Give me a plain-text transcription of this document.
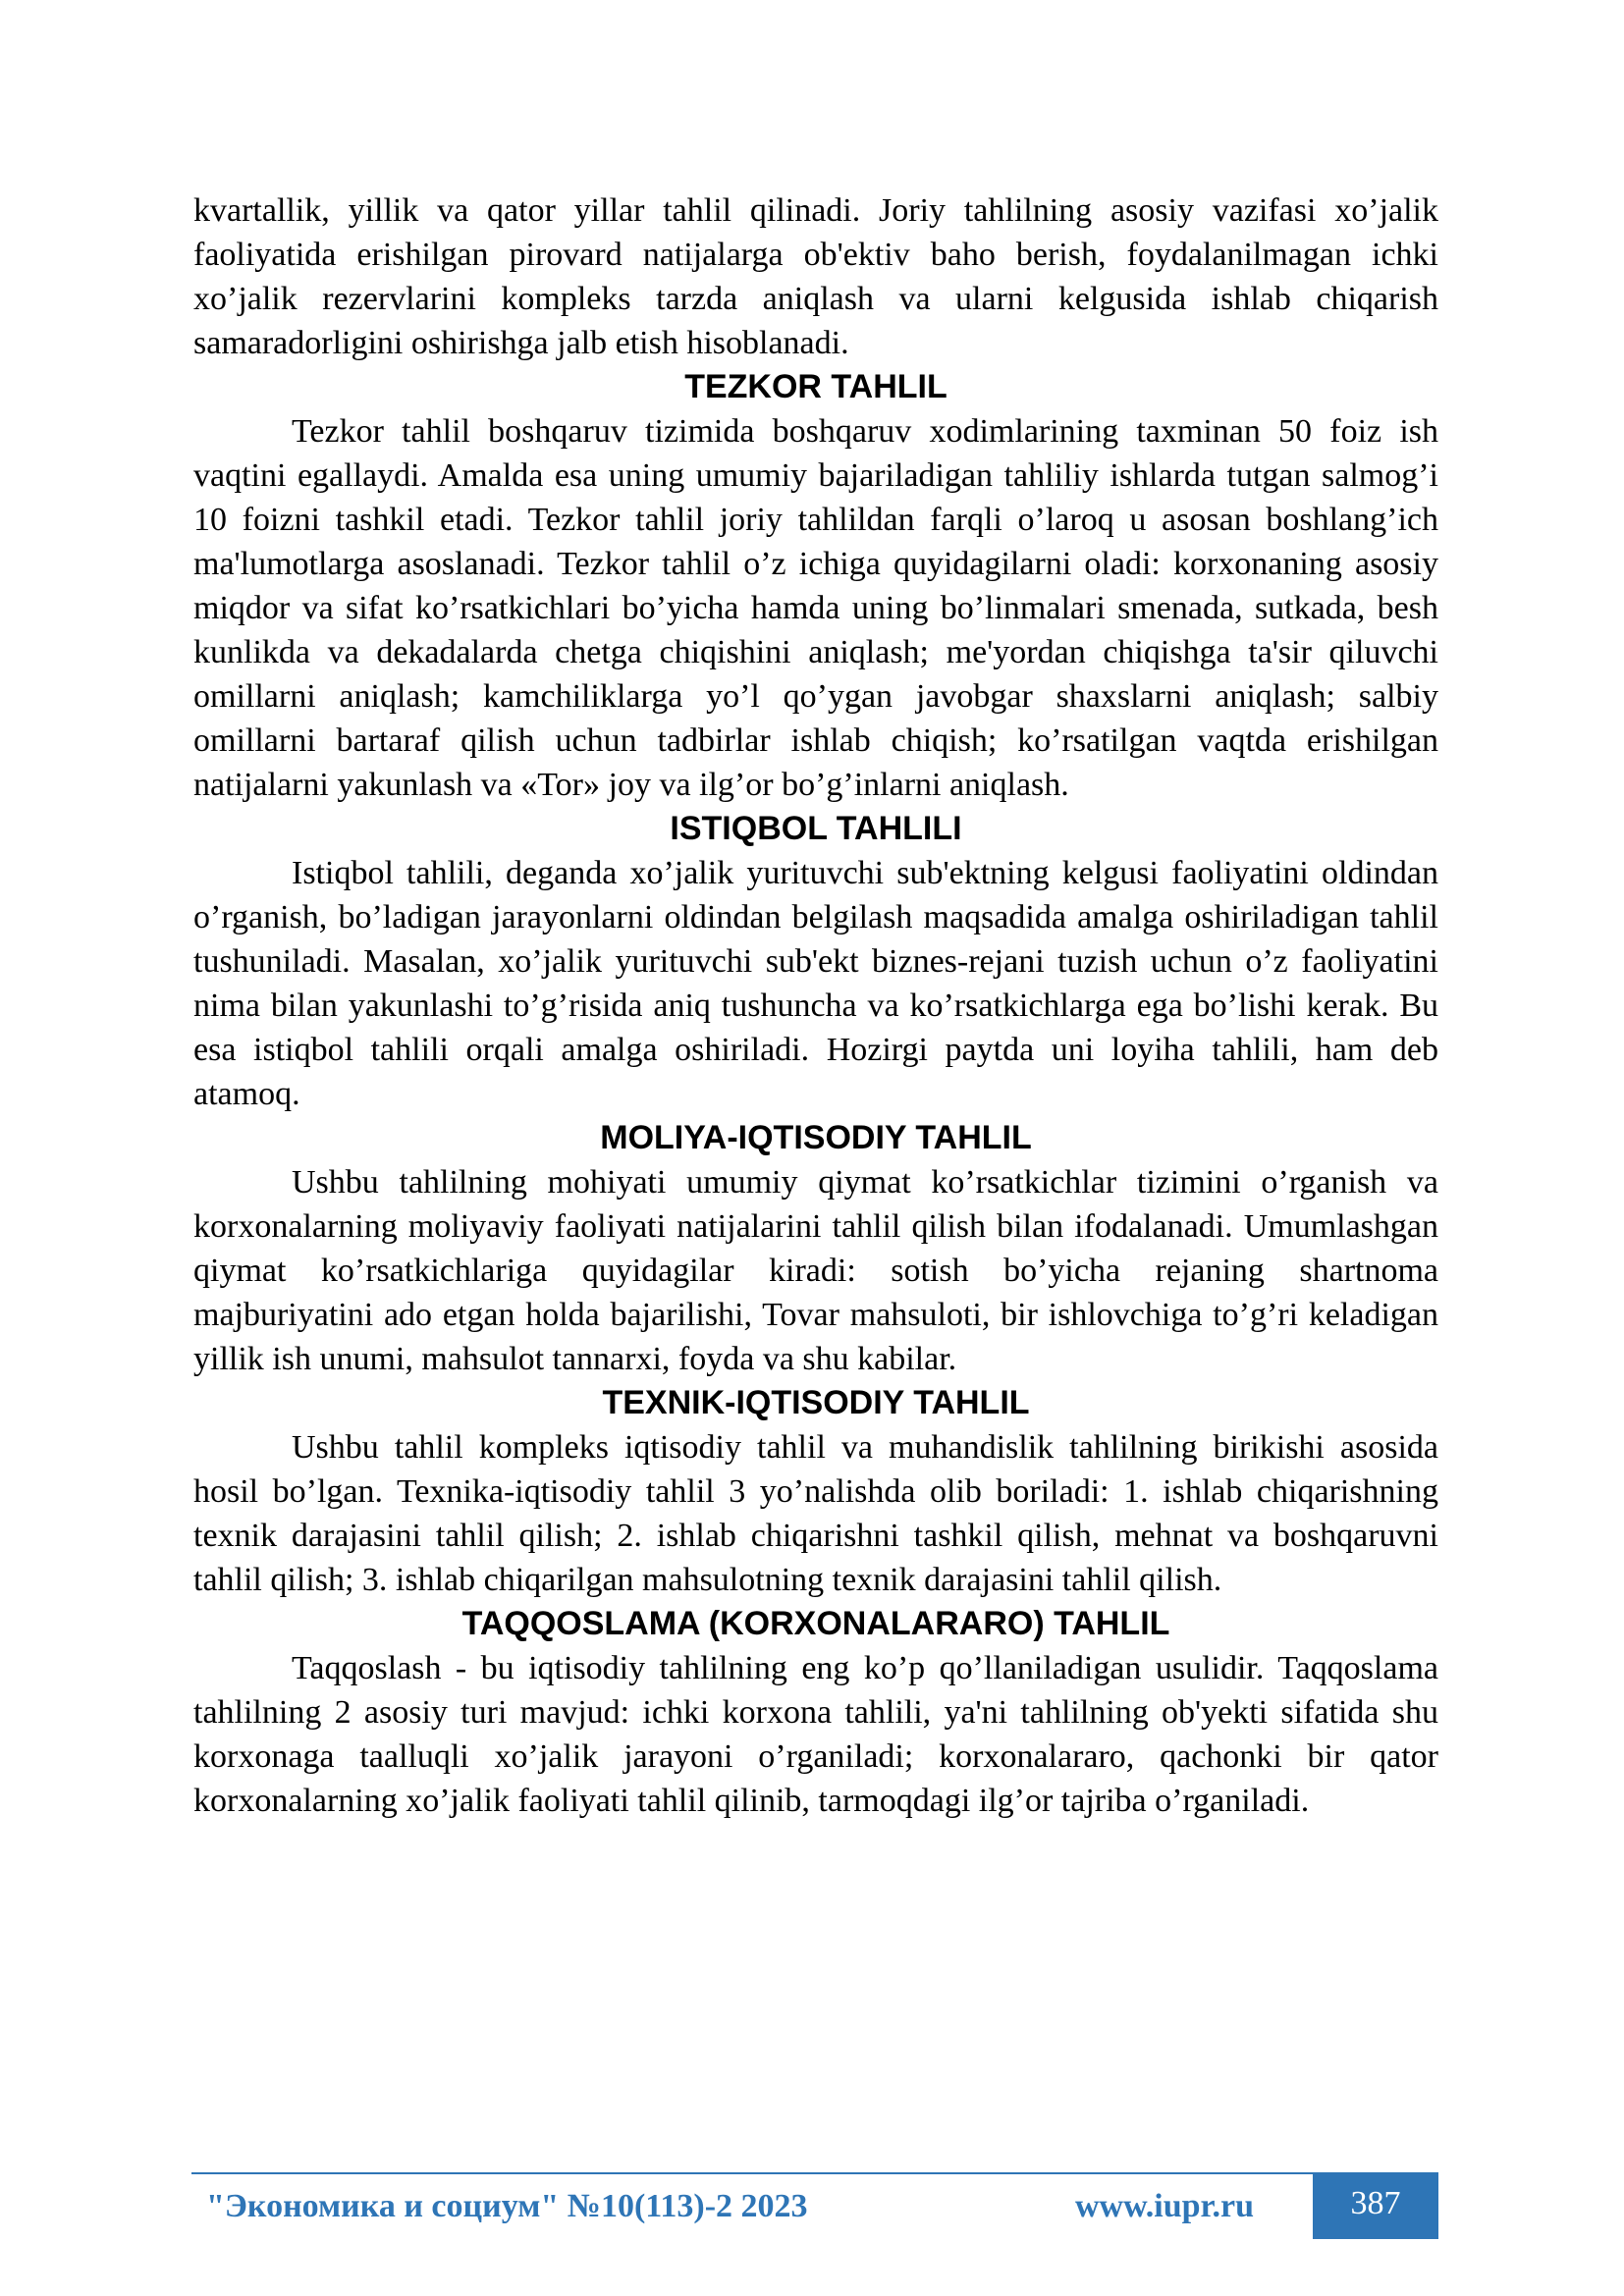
kvartallik, yillik va qator yillar tahlil qilinadi. Joriy tahlilning asosiy vazifasi xo’jalik faoliyatida erishilgan pirovard natijalarga ob'ektiv baho berish, foydalanilmagan ichki xo’jalik rezervlarini kompleks tarzda aniqlash va ularni kelgusida ishlab chiqarish samaradorligini oshirishga jalb etish hisoblanadi.

TEZKOR TAHLIL

Tezkor tahlil boshqaruv tizimida boshqaruv xodimlarining taxminan 50 foiz ish vaqtini egallaydi. Amalda esa uning umumiy bajariladigan tahliliy ishlarda tutgan salmog’i 10 foizni tashkil etadi. Tezkor tahlil joriy tahlildan farqli o’laroq u asosan boshlang’ich ma'lumotlarga asoslanadi. Tezkor tahlil o’z ichiga quyidagilarni oladi: korxonaning asosiy miqdor va sifat ko’rsatkichlari bo’yicha hamda uning bo’linmalari smenada, sutkada, besh kunlikda va dekadalarda chetga chiqishini aniqlash; me'yordan chiqishga ta'sir qiluvchi omillarni aniqlash; kamchiliklarga yo’l qo’ygan javobgar shaxslarni aniqlash; salbiy omillarni bartaraf qilish uchun tadbirlar ishlab chiqish; ko’rsatilgan vaqtda erishilgan natijalarni yakunlash va «Tor» joy va ilg’or bo’g’inlarni aniqlash.

ISTIQBOL TAHLILI

Istiqbol tahlili, deganda xo’jalik yurituvchi sub'ektning kelgusi faoliyatini oldindan o’rganish, bo’ladigan jarayonlarni oldindan belgilash maqsadida amalga oshiriladigan tahlil tushuniladi. Masalan, xo’jalik yurituvchi sub'ekt biznes-rejani tuzish uchun o’z faoliyatini nima bilan yakunlashi to’g’risida aniq tushuncha va ko’rsatkichlarga ega bo’lishi kerak. Bu esa istiqbol tahlili orqali amalga oshiriladi. Hozirgi paytda uni loyiha tahlili, ham deb atamoq.

MOLIYA-IQTISODIY TAHLIL

Ushbu tahlilning mohiyati umumiy qiymat ko’rsatkichlar tizimini o’rganish va korxonalarning moliyaviy faoliyati natijalarini tahlil qilish bilan ifodalanadi. Umumlashgan qiymat ko’rsatkichlariga quyidagilar kiradi: sotish bo’yicha rejaning shartnoma majburiyatini ado etgan holda bajarilishi, Tovar mahsuloti, bir ishlovchiga to’g’ri keladigan yillik ish unumi, mahsulot tannarxi, foyda va shu kabilar.

TEXNIK-IQTISODIY TAHLIL

Ushbu tahlil kompleks iqtisodiy tahlil va muhandislik tahlilning birikishi asosida hosil bo’lgan. Texnika-iqtisodiy tahlil 3 yo’nalishda olib boriladi: 1. ishlab chiqarishning texnik darajasini tahlil qilish; 2. ishlab chiqarishni tashkil qilish, mehnat va boshqaruvni tahlil qilish; 3. ishlab chiqarilgan mahsulotning texnik darajasini tahlil qilish.

TAQQOSLAMA (KORXONALARARO) TAHLIL

Taqqoslash - bu iqtisodiy tahlilning eng ko’p qo’llaniladigan usulidir. Taqqoslama tahlilning 2 asosiy turi mavjud: ichki korxona tahlili, ya'ni tahlilning ob'yekti sifatida shu korxonaga taalluqli xo’jalik jarayoni o’rganiladi; korxonalararo, qachonki bir qator korxonalarning xo’jalik faoliyati tahlil qilinib, tarmoqdagi ilg’or tajriba o’rganiladi.

"Экономика и социум" №10(113)-2 2023	www.iupr.ru	387
